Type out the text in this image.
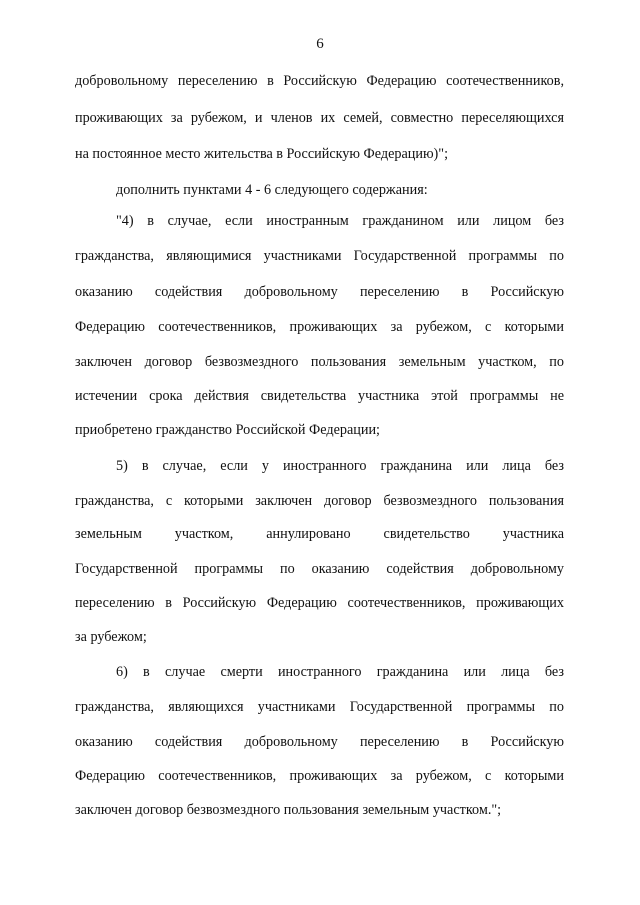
6
добровольному переселению в Российскую Федерацию соотечественников,
проживающих за рубежом, и членов их семей, совместно переселяющихся
на постоянное место жительства в Российскую Федерацию)";
дополнить пунктами 4 - 6 следующего содержания:
"4) в случае, если иностранным гражданином или лицом без
гражданства, являющимися участниками Государственной программы по
оказанию содействия добровольному переселению в Российскую
Федерацию соотечественников, проживающих за рубежом, с которыми
заключен договор безвозмездного пользования земельным участком, по
истечении срока действия свидетельства участника этой программы не
приобретено гражданство Российской Федерации;
5) в случае, если у иностранного гражданина или лица без
гражданства, с которыми заключен договор безвозмездного пользования
земельным участком, аннулировано свидетельство участника
Государственной программы по оказанию содействия добровольному
переселению в Российскую Федерацию соотечественников, проживающих
за рубежом;
6) в случае смерти иностранного гражданина или лица без
гражданства, являющихся участниками Государственной программы по
оказанию содействия добровольному переселению в Российскую
Федерацию соотечественников, проживающих за рубежом, с которыми
заключен договор безвозмездного пользования земельным участком.";
